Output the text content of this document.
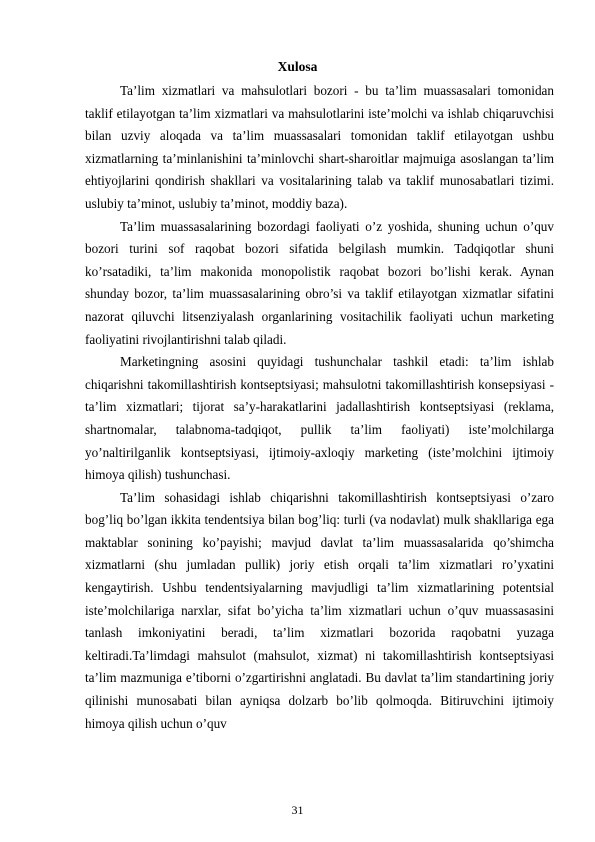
Xulosa

Ta’lim xizmatlari va mahsulotlari bozori - bu ta’lim muassasalari tomonidan taklif etilayotgan ta’lim xizmatlari va mahsulotlarini iste’molchi va ishlab chiqaruvchisi bilan uzviy aloqada va ta’lim muassasalari tomonidan taklif etilayotgan ushbu xizmatlarning ta’minlanishini ta’minlovchi shart-sharoitlar majmuiga asoslangan ta’lim ehtiyojlarini qondirish shakllari va vositalarining talab va taklif munosabatlari tizimi. uslubiy ta’minot, uslubiy ta’minot, moddiy baza).

Ta’lim muassasalarining bozordagi faoliyati o’z yoshida, shuning uchun o’quv bozori turini sof raqobat bozori sifatida belgilash mumkin. Tadqiqotlar shuni ko’rsatadiki, ta’lim makonida monopolistik raqobat bozori bo’lishi kerak. Aynan shunday bozor, ta’lim muassasalarining obro’si va taklif etilayotgan xizmatlar sifatini nazorat qiluvchi litsenziyalash organlarining vositachilik faoliyati uchun marketing faoliyatini rivojlantirishni talab qiladi.

Marketingning asosini quyidagi tushunchalar tashkil etadi: ta’lim ishlab chiqarishni takomillashtirish kontseptsiyasi; mahsulotni takomillashtirish konsepsiyasi - ta’lim xizmatlari; tijorat sa’y-harakatlarini jadallashtirish kontseptsiyasi (reklama, shartnomalar, talabnoma-tadqiqot, pullik ta’lim faoliyati) iste’molchilarga yo’naltirilganlik kontseptsiyasi, ijtimoiy-axloqiy marketing (iste’molchini ijtimoiy himoya qilish) tushunchasi.

Ta’lim sohasidagi ishlab chiqarishni takomillashtirish kontseptsiyasi o’zaro bog’liq bo’lgan ikkita tendentsiya bilan bog’liq: turli (va nodavlat) mulk shakllariga ega maktablar sonining ko’payishi; mavjud davlat ta’lim muassasalarida qo’shimcha xizmatlarni (shu jumladan pullik) joriy etish orqali ta’lim xizmatlari ro’yxatini kengaytirish. Ushbu tendentsiyalarning mavjudligi ta’lim xizmatlarining potentsial iste’molchilariga narxlar, sifat bo’yicha ta’lim xizmatlari uchun o’quv muassasasini tanlash imkoniyatini beradi, ta’lim xizmatlari bozorida raqobatni yuzaga keltiradi.Ta’limdagi mahsulot (mahsulot, xizmat) ni takomillashtirish kontseptsiyasi ta’lim mazmuniga e’tiborni o’zgartirishni anglatadi. Bu davlat ta’lim standartining joriy qilinishi munosabati bilan ayniqsa dolzarb bo’lib qolmoqda. Bitiruvchini ijtimoiy himoya qilish uchun o’quv

31
